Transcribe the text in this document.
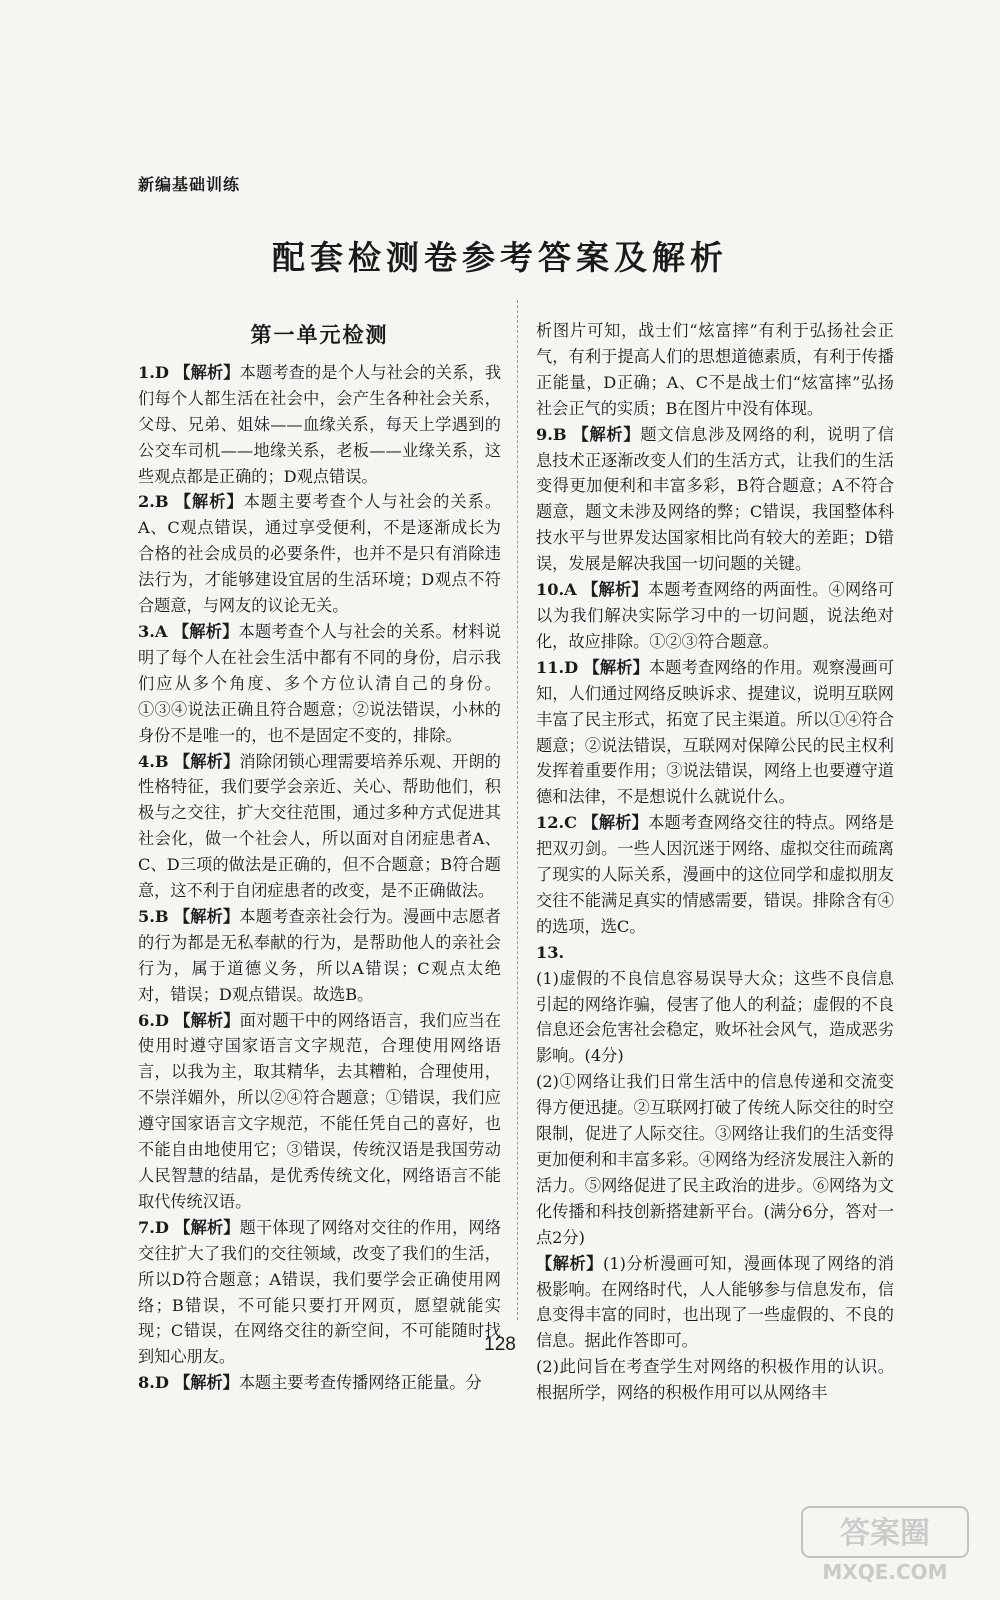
新编基础训练
配套检测卷参考答案及解析
第一单元检测

1.D 【解析】本题考查的是个人与社会的关系，我们每个人都生活在社会中，会产生各种社会关系，父母、兄弟、姐妹——血缘关系，每天上学遇到的公交车司机——地缘关系，老板——业缘关系，这些观点都是正确的；D观点错误。

2.B 【解析】本题主要考查个人与社会的关系。A、C观点错误，通过享受便利，不是逐渐成长为合格的社会成员的必要条件，也并不是只有消除违法行为，才能够建设宜居的生活环境；D观点不符合题意，与网友的议论无关。

3.A 【解析】本题考查个人与社会的关系。材料说明了每个人在社会生活中都有不同的身份，启示我们应从多个角度、多个方位认清自己的身份。①③④说法正确且符合题意；②说法错误，小林的身份不是唯一的，也不是固定不变的，排除。

4.B 【解析】消除闭锁心理需要培养乐观、开朗的性格特征，我们要学会亲近、关心、帮助他们，积极与之交往，扩大交往范围，通过多种方式促进其社会化，做一个社会人，所以面对自闭症患者A、C、D三项的做法是正确的，但不合题意；B符合题意，这不利于自闭症患者的改变，是不正确做法。

5.B 【解析】本题考查亲社会行为。漫画中志愿者的行为都是无私奉献的行为，是帮助他人的亲社会行为，属于道德义务，所以A错误；C观点太绝对，错误；D观点错误。故选B。

6.D 【解析】面对题干中的网络语言，我们应当在使用时遵守国家语言文字规范，合理使用网络语言，以我为主，取其精华，去其糟粕，合理使用，不崇洋媚外，所以②④符合题意；①错误，我们应遵守国家语言文字规范，不能任凭自己的喜好，也不能自由地使用它；③错误，传统汉语是我国劳动人民智慧的结晶，是优秀传统文化，网络语言不能取代传统汉语。

7.D 【解析】题干体现了网络对交往的作用，网络交往扩大了我们的交往领域，改变了我们的生活，所以D符合题意；A错误，我们要学会正确使用网络；B错误，不可能只要打开网页，愿望就能实现；C错误，在网络交往的新空间，不可能随时找到知心朋友。

8.D 【解析】本题主要考查传播网络正能量。分

析图片可知，战士们“炫富摔”有利于弘扬社会正气，有利于提高人们的思想道德素质，有利于传播正能量，D正确；A、C不是战士们“炫富摔”弘扬社会正气的实质；B在图片中没有体现。

9.B 【解析】题文信息涉及网络的利，说明了信息技术正逐渐改变人们的生活方式，让我们的生活变得更加便利和丰富多彩，B符合题意；A不符合题意，题文未涉及网络的弊；C错误，我国整体科技水平与世界发达国家相比尚有较大的差距；D错误，发展是解决我国一切问题的关键。

10.A 【解析】本题考查网络的两面性。④网络可以为我们解决实际学习中的一切问题，说法绝对化，故应排除。①②③符合题意。

11.D 【解析】本题考查网络的作用。观察漫画可知，人们通过网络反映诉求、提建议，说明互联网丰富了民主形式，拓宽了民主渠道。所以①④符合题意；②说法错误，互联网对保障公民的民主权利发挥着重要作用；③说法错误，网络上也要遵守道德和法律，不是想说什么就说什么。

12.C 【解析】本题考查网络交往的特点。网络是把双刃剑。一些人因沉迷于网络、虚拟交往而疏离了现实的人际关系，漫画中的这位同学和虚拟朋友交往不能满足真实的情感需要，错误。排除含有④的选项，选C。

13.

(1)虚假的不良信息容易误导大众；这些不良信息引起的网络诈骗，侵害了他人的利益；虚假的不良信息还会危害社会稳定，败坏社会风气，造成恶劣影响。(4分)

(2)①网络让我们日常生活中的信息传递和交流变得方便迅捷。②互联网打破了传统人际交往的时空限制，促进了人际交往。③网络让我们的生活变得更加便利和丰富多彩。④网络为经济发展注入新的活力。⑤网络促进了民主政治的进步。⑥网络为文化传播和科技创新搭建新平台。(满分6分，答对一点2分)

【解析】(1)分析漫画可知，漫画体现了网络的消极影响。在网络时代，人人能够参与信息发布，信息变得丰富的同时，也出现了一些虚假的、不良的信息。据此作答即可。

(2)此问旨在考查学生对网络的积极作用的认识。根据所学，网络的积极作用可以从网络丰

128
答案圈
MXQE.COM
